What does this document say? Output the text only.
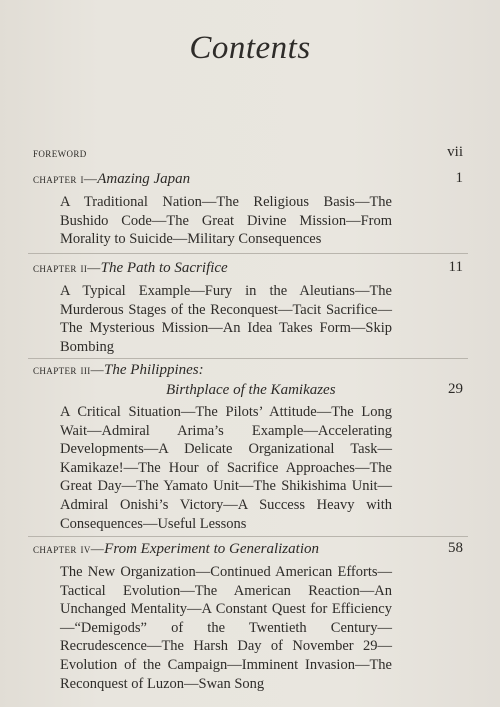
Contents
foreword	vii
chapter i—Amazing Japan	1
A Traditional Nation—The Religious Basis—The Bushido Code—The Great Divine Mission—From Morality to Suicide—Military Consequences
chapter ii—The Path to Sacrifice	11
A Typical Example—Fury in the Aleutians—The Murderous Stages of the Reconquest—Tacit Sacrifice—The Mysterious Mission—An Idea Takes Form—Skip Bombing
chapter iii—The Philippines:
Birthplace of the Kamikazes	29
A Critical Situation—The Pilots’ Attitude—The Long Wait—Admiral Arima’s Example—Accelerating Developments—A Delicate Organizational Task—Kamikaze!—The Hour of Sacrifice Approaches—The Great Day—The Yamato Unit—The Shikishima Unit—Admiral Onishi’s Victory—A Success Heavy with Consequences—Useful Lessons
chapter iv—From Experiment to Generalization	58
The New Organization—Continued American Efforts—Tactical Evolution—The American Reaction—An Unchanged Mentality—A Constant Quest for Efficiency—“Demigods” of the Twentieth Century—Recrudescence—The Harsh Day of November 29—Evolution of the Campaign—Imminent Invasion—The Reconquest of Luzon—Swan Song
